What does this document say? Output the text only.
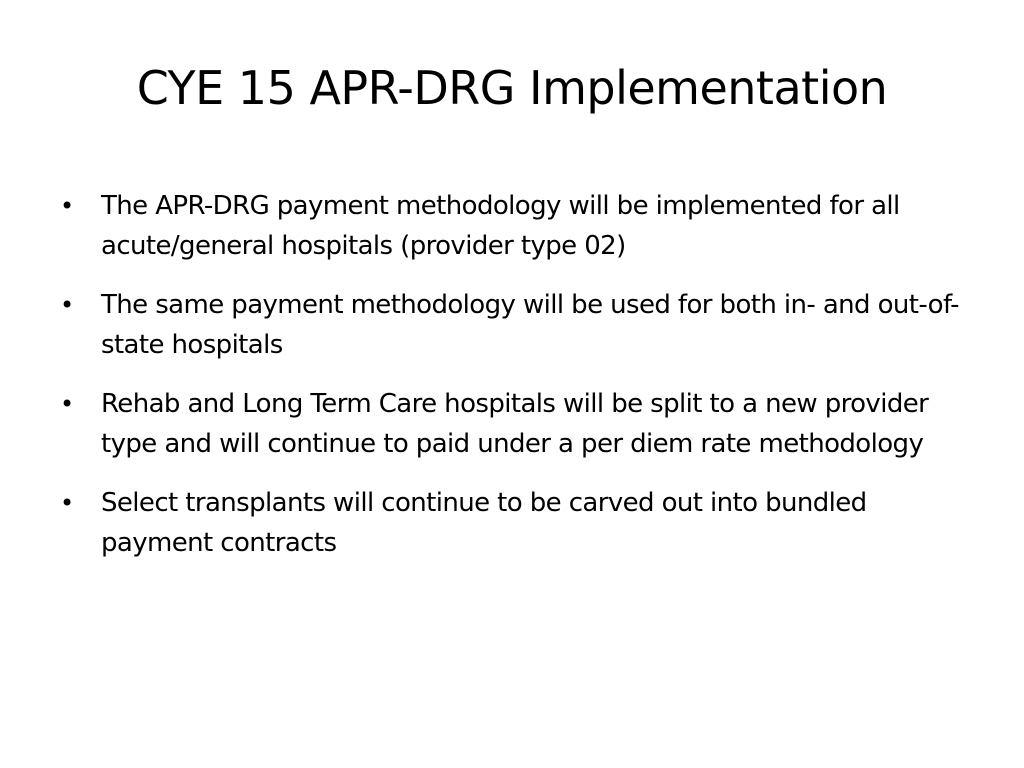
CYE 15 APR-DRG Implementation
• The APR-DRG payment methodology will be implemented for all acute/general hospitals (provider type 02)
• The same payment methodology will be used for both in- and out-of-state hospitals
• Rehab and Long Term Care hospitals will be split to a new provider type and will continue to paid under a per diem rate methodology
• Select transplants will continue to be carved out into bundled payment contracts
